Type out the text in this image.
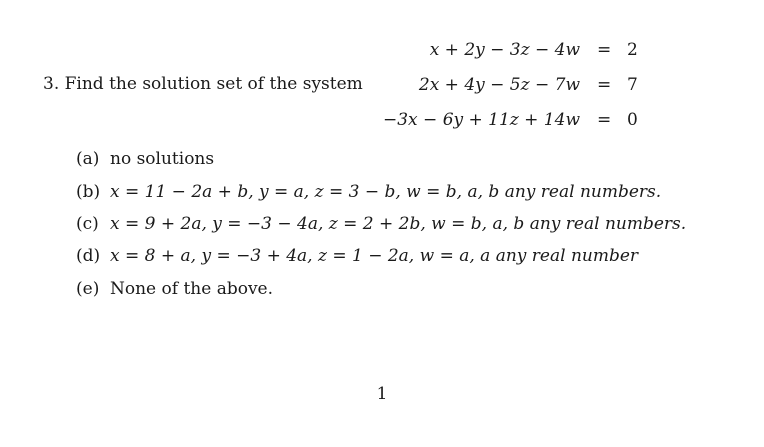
3. Find the solution set of the system
x + 2y − 3z − 4w = 2
2x + 4y − 5z − 7w = 7
−3x − 6y + 11z + 14w = 0
(a) no solutions
(b) x = 11 − 2a + b, y = a, z = 3 − b, w = b, a, b any real numbers.
(c) x = 9 + 2a, y = −3 − 4a, z = 2 + 2b, w = b, a, b any real numbers.
(d) x = 8 + a, y = −3 + 4a, z = 1 − 2a, w = a, a any real number
(e) None of the above.
1
